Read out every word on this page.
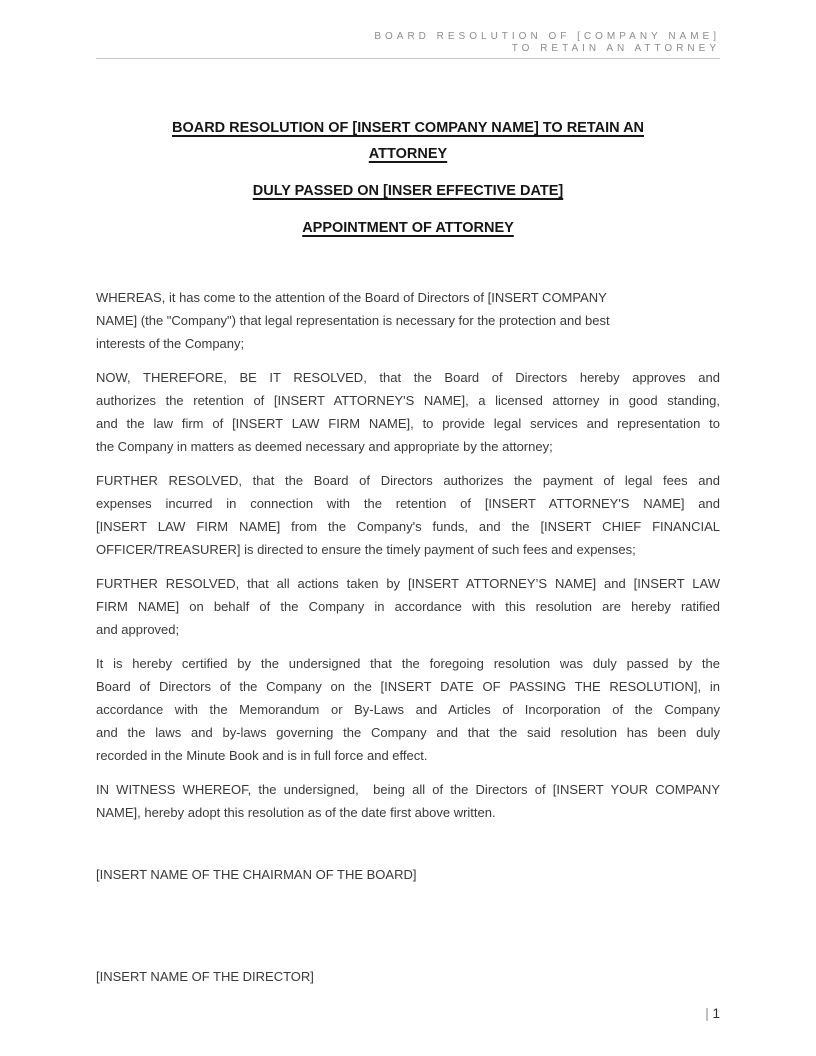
BOARD RESOLUTION OF [COMPANY NAME]
TO RETAIN AN ATTORNEY
BOARD RESOLUTION OF [INSERT COMPANY NAME] TO RETAIN AN
ATTORNEY
DULY PASSED ON [INSER EFFECTIVE DATE]
APPOINTMENT OF ATTORNEY
WHEREAS, it has come to the attention of the Board of Directors of [INSERT COMPANY
NAME] (the "Company") that legal representation is necessary for the protection and best
interests of the Company;
NOW, THEREFORE, BE IT RESOLVED, that the Board of Directors hereby approves and
authorizes the retention of [INSERT ATTORNEY'S NAME], a licensed attorney in good standing,
and the law firm of [INSERT LAW FIRM NAME], to provide legal services and representation to
the Company in matters as deemed necessary and appropriate by the attorney;
FURTHER RESOLVED, that the Board of Directors authorizes the payment of legal fees and
expenses incurred in connection with the retention of [INSERT ATTORNEY'S NAME] and
[INSERT LAW FIRM NAME] from the Company's funds, and the [INSERT CHIEF FINANCIAL
OFFICER/TREASURER] is directed to ensure the timely payment of such fees and expenses;
FURTHER RESOLVED, that all actions taken by [INSERT ATTORNEY’S NAME] and [INSERT LAW
FIRM NAME] on behalf of the Company in accordance with this resolution are hereby ratified
and approved;
It is hereby certified by the undersigned that the foregoing resolution was duly passed by the
Board of Directors of the Company on the [INSERT DATE OF PASSING THE RESOLUTION], in
accordance with the Memorandum or By-Laws and Articles of Incorporation of the Company
and the laws and by-laws governing the Company and that the said resolution has been duly
recorded in the Minute Book and is in full force and effect.
IN WITNESS WHEREOF, the undersigned,  being all of the Directors of [INSERT YOUR COMPANY
NAME], hereby adopt this resolution as of the date first above written.
[INSERT NAME OF THE CHAIRMAN OF THE BOARD]
[INSERT NAME OF THE DIRECTOR]
| 1
